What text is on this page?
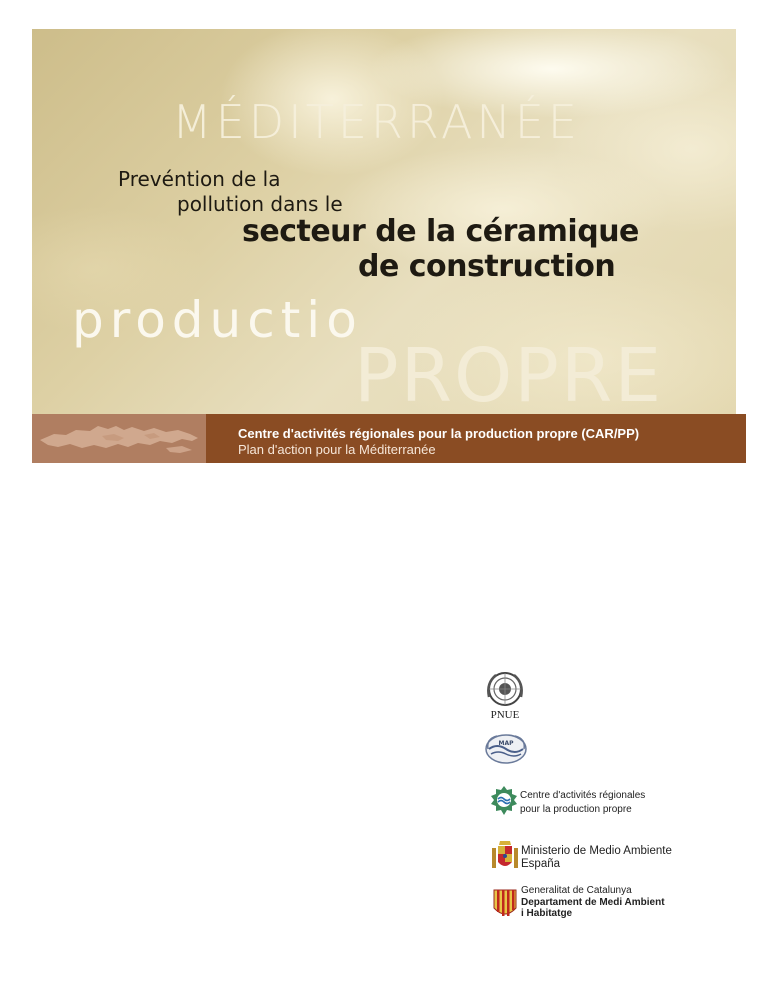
MÉDITERRANÉE
productio
PROPRE
Prevéntion de la
pollution dans le
secteur de la céramique
de construction
Centre d'activités régionales pour la production propre (CAR/PP)
Plan d'action pour la Méditerranée
PNUE
MAP
Centre d'activités régionales
pour la production propre
Ministerio de Medio Ambiente
España
Generalitat de Catalunya
Departament de Medi Ambient
i Habitatge
